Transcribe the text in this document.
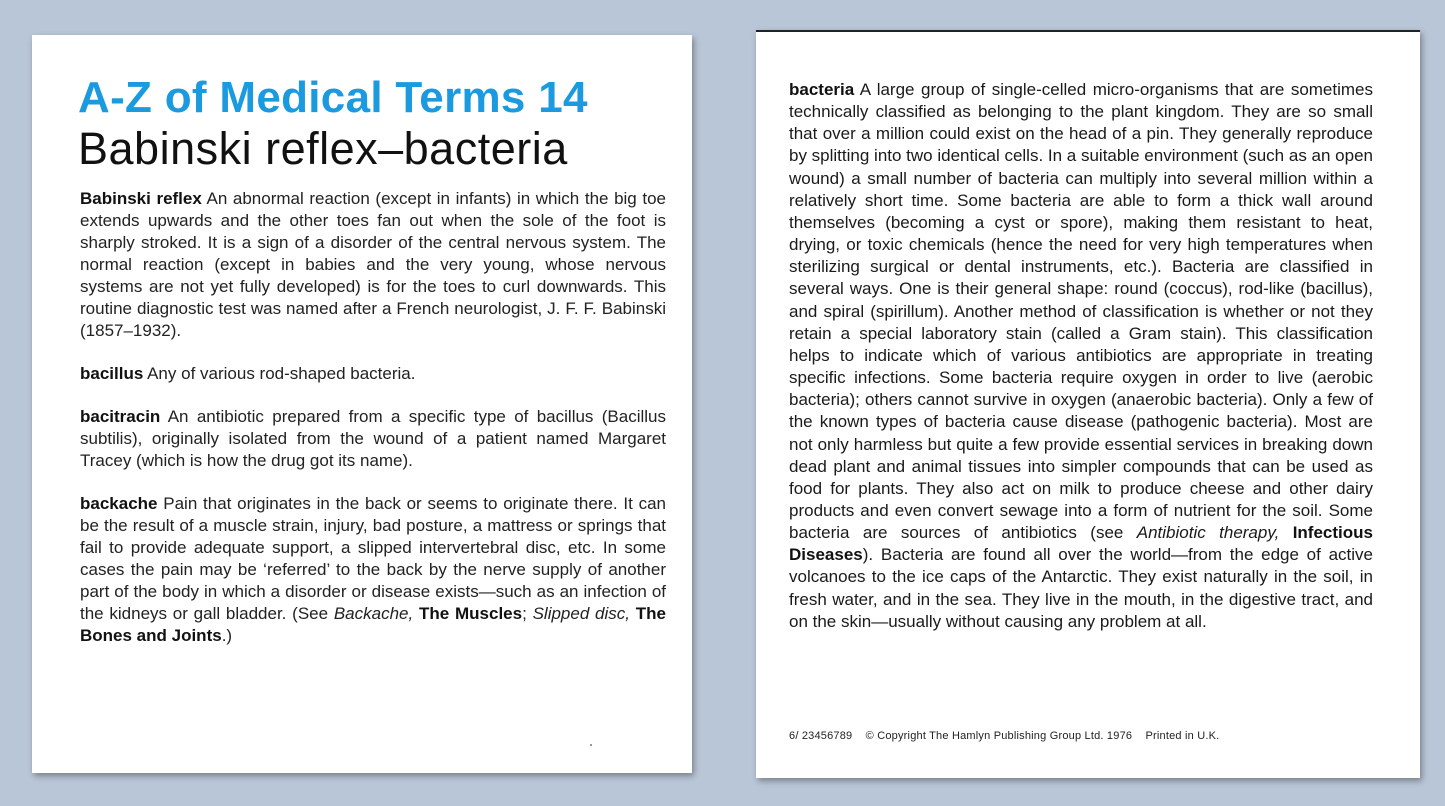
A-Z of Medical Terms 14
Babinski reflex–bacteria

Babinski reflex An abnormal reaction (except in infants) in which the big toe extends upwards and the other toes fan out when the sole of the foot is sharply stroked. It is a sign of a disorder of the central nervous system. The normal reaction (except in babies and the very young, whose nervous systems are not yet fully developed) is for the toes to curl downwards. This routine diagnostic test was named after a French neurologist, J. F. F. Babinski (1857–1932).

bacillus Any of various rod-shaped bacteria.

bacitracin An antibiotic prepared from a specific type of bacillus (Bacillus subtilis), originally isolated from the wound of a patient named Margaret Tracey (which is how the drug got its name).

backache Pain that originates in the back or seems to originate there. It can be the result of a muscle strain, injury, bad posture, a mattress or springs that fail to provide adequate support, a slipped intervertebral disc, etc. In some cases the pain may be ‘referred’ to the back by the nerve supply of another part of the body in which a disorder or disease exists—such as an infection of the kidneys or gall bladder. (See Backache, The Muscles; Slipped disc, The Bones and Joints.)

bacteria A large group of single-celled micro-organisms that are sometimes technically classified as belonging to the plant kingdom. They are so small that over a million could exist on the head of a pin. They generally reproduce by splitting into two identical cells. In a suitable environment (such as an open wound) a small number of bacteria can multiply into several million within a relatively short time. Some bacteria are able to form a thick wall around themselves (becoming a cyst or spore), making them resistant to heat, drying, or toxic chemicals (hence the need for very high temperatures when sterilizing surgical or dental instruments, etc.). Bacteria are classified in several ways. One is their general shape: round (coccus), rod-like (bacillus), and spiral (spirillum). Another method of classification is whether or not they retain a special laboratory stain (called a Gram stain). This classification helps to indicate which of various antibiotics are appropriate in treating specific infections. Some bacteria require oxygen in order to live (aerobic bacteria); others cannot survive in oxygen (anaerobic bacteria). Only a few of the known types of bacteria cause disease (pathogenic bacteria). Most are not only harmless but quite a few provide essential services in breaking down dead plant and animal tissues into simpler compounds that can be used as food for plants. They also act on milk to produce cheese and other dairy products and even convert sewage into a form of nutrient for the soil. Some bacteria are sources of antibiotics (see Antibiotic therapy, Infectious Diseases). Bacteria are found all over the world—from the edge of active volcanoes to the ice caps of the Antarctic. They exist naturally in the soil, in fresh water, and in the sea. They live in the mouth, in the digestive tract, and on the skin—usually without causing any problem at all.

6/ 23456789 © Copyright The Hamlyn Publishing Group Ltd. 1976 Printed in U.K.
